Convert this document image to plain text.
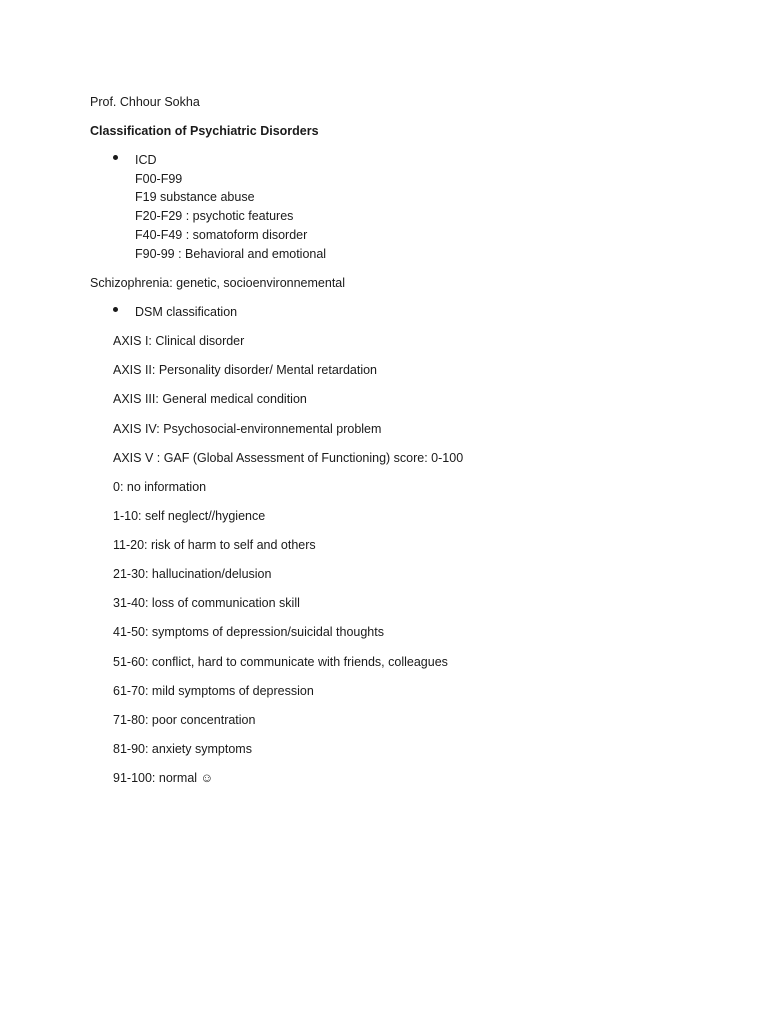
Prof. Chhour Sokha
Classification of Psychiatric Disorders
ICD
F00-F99
F19 substance abuse
F20-F29 : psychotic features
F40-F49 : somatoform disorder
F90-99 : Behavioral and emotional
Schizophrenia: genetic, socioenvironnemental
DSM classification
AXIS I: Clinical disorder
AXIS II: Personality disorder/ Mental retardation
AXIS III: General medical condition
AXIS IV: Psychosocial-environnemental problem
AXIS V : GAF (Global Assessment of Functioning) score: 0-100
0: no information
1-10: self neglect//hygience
11-20: risk of harm to self and others
21-30: hallucination/delusion
31-40: loss of communication skill
41-50: symptoms of depression/suicidal thoughts
51-60: conflict, hard to communicate with friends, colleagues
61-70: mild symptoms of depression
71-80: poor concentration
81-90: anxiety symptoms
91-100: normal ☺
